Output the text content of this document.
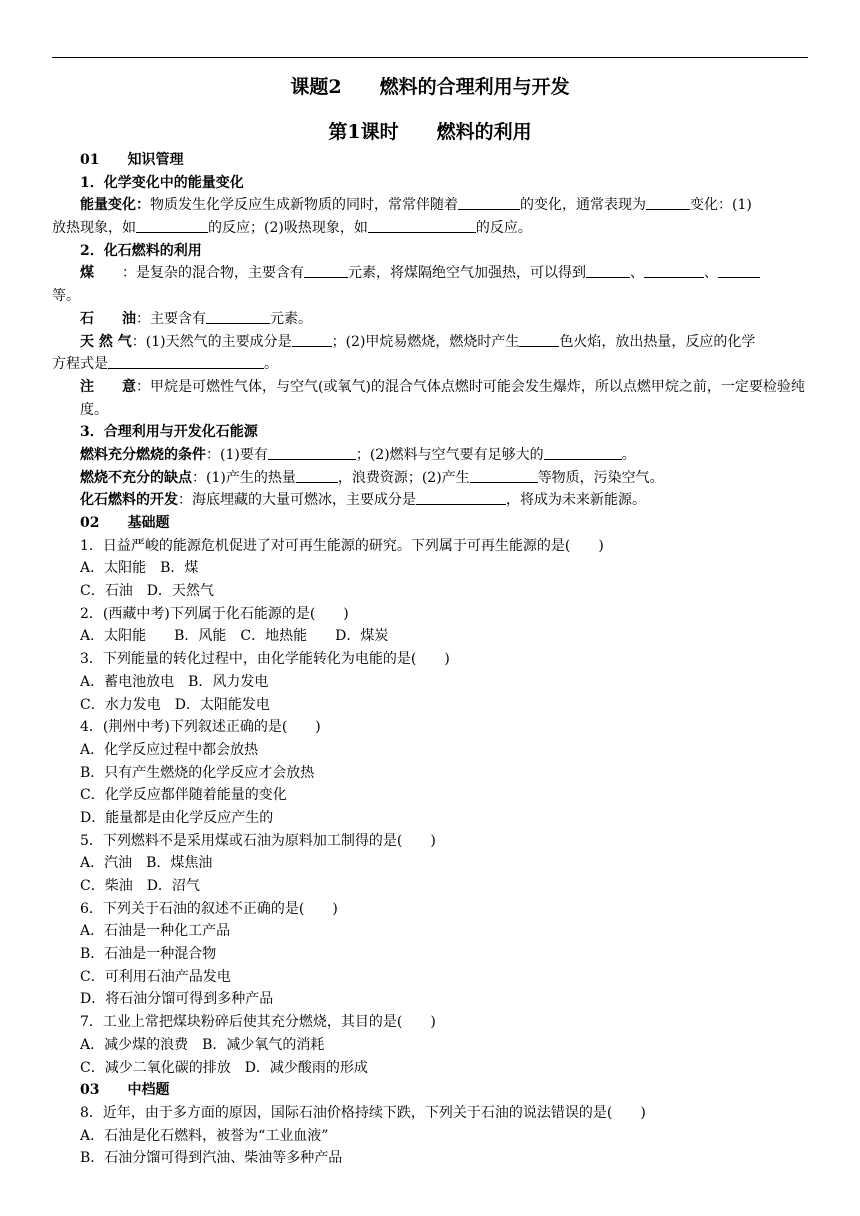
课题2　　燃料的合理利用与开发
第1课时　　燃料的利用
01　　知识管理
1．化学变化中的能量变化
能量变化：物质发生化学反应生成新物质的同时，常常伴随着	的变化，通常表现为	变化：(1)
放热现象，如	的反应；(2)吸热现象，如	的反应。
2．化石燃料的利用
煤　　：是复杂的混合物，主要含有	元素，将煤隔绝空气加强热，可以得到	、	、
等。
石　　油：主要含有	元素。
天 然 气：(1)天然气的主要成分是	；(2)甲烷易燃烧，燃烧时产生	色火焰，放出热量，反应的化学
方程式是	。
注　　意：甲烷是可燃性气体，与空气(或氧气)的混合气体点燃时可能会发生爆炸，所以点燃甲烷之前，一定要检验纯度。
3．合理利用与开发化石能源
燃料充分燃烧的条件：(1)要有	；(2)燃料与空气要有足够大的	。
燃烧不充分的缺点：(1)产生的热量	，浪费资源；(2)产生	等物质，污染空气。
化石燃料的开发：海底埋藏的大量可燃冰，主要成分是	，将成为未来新能源。
02　　基础题
1．日益严峻的能源危机促进了对可再生能源的研究。下列属于可再生能源的是(　　)
A．太阳能　B．煤
C．石油　D．天然气
2．(西藏中考)下列属于化石能源的是(　　)
A．太阳能　　B．风能　C．地热能　　D．煤炭
3．下列能量的转化过程中，由化学能转化为电能的是(　　)
A．蓄电池放电　B．风力发电
C．水力发电　D．太阳能发电
4．(荆州中考)下列叙述正确的是(　　)
A．化学反应过程中都会放热
B．只有产生燃烧的化学反应才会放热
C．化学反应都伴随着能量的变化
D．能量都是由化学反应产生的
5．下列燃料不是采用煤或石油为原料加工制得的是(　　)
A．汽油　B．煤焦油
C．柴油　D．沼气
6．下列关于石油的叙述不正确的是(　　)
A．石油是一种化工产品
B．石油是一种混合物
C．可利用石油产品发电
D．将石油分馏可得到多种产品
7．工业上常把煤块粉碎后使其充分燃烧，其目的是(　　)
A．减少煤的浪费　B．减少氧气的消耗
C．减少二氧化碳的排放　D．减少酸雨的形成
03　　中档题
8．近年，由于多方面的原因，国际石油价格持续下跌，下列关于石油的说法错误的是(　　)
A．石油是化石燃料，被誉为“工业血液”
B．石油分馏可得到汽油、柴油等多种产品
